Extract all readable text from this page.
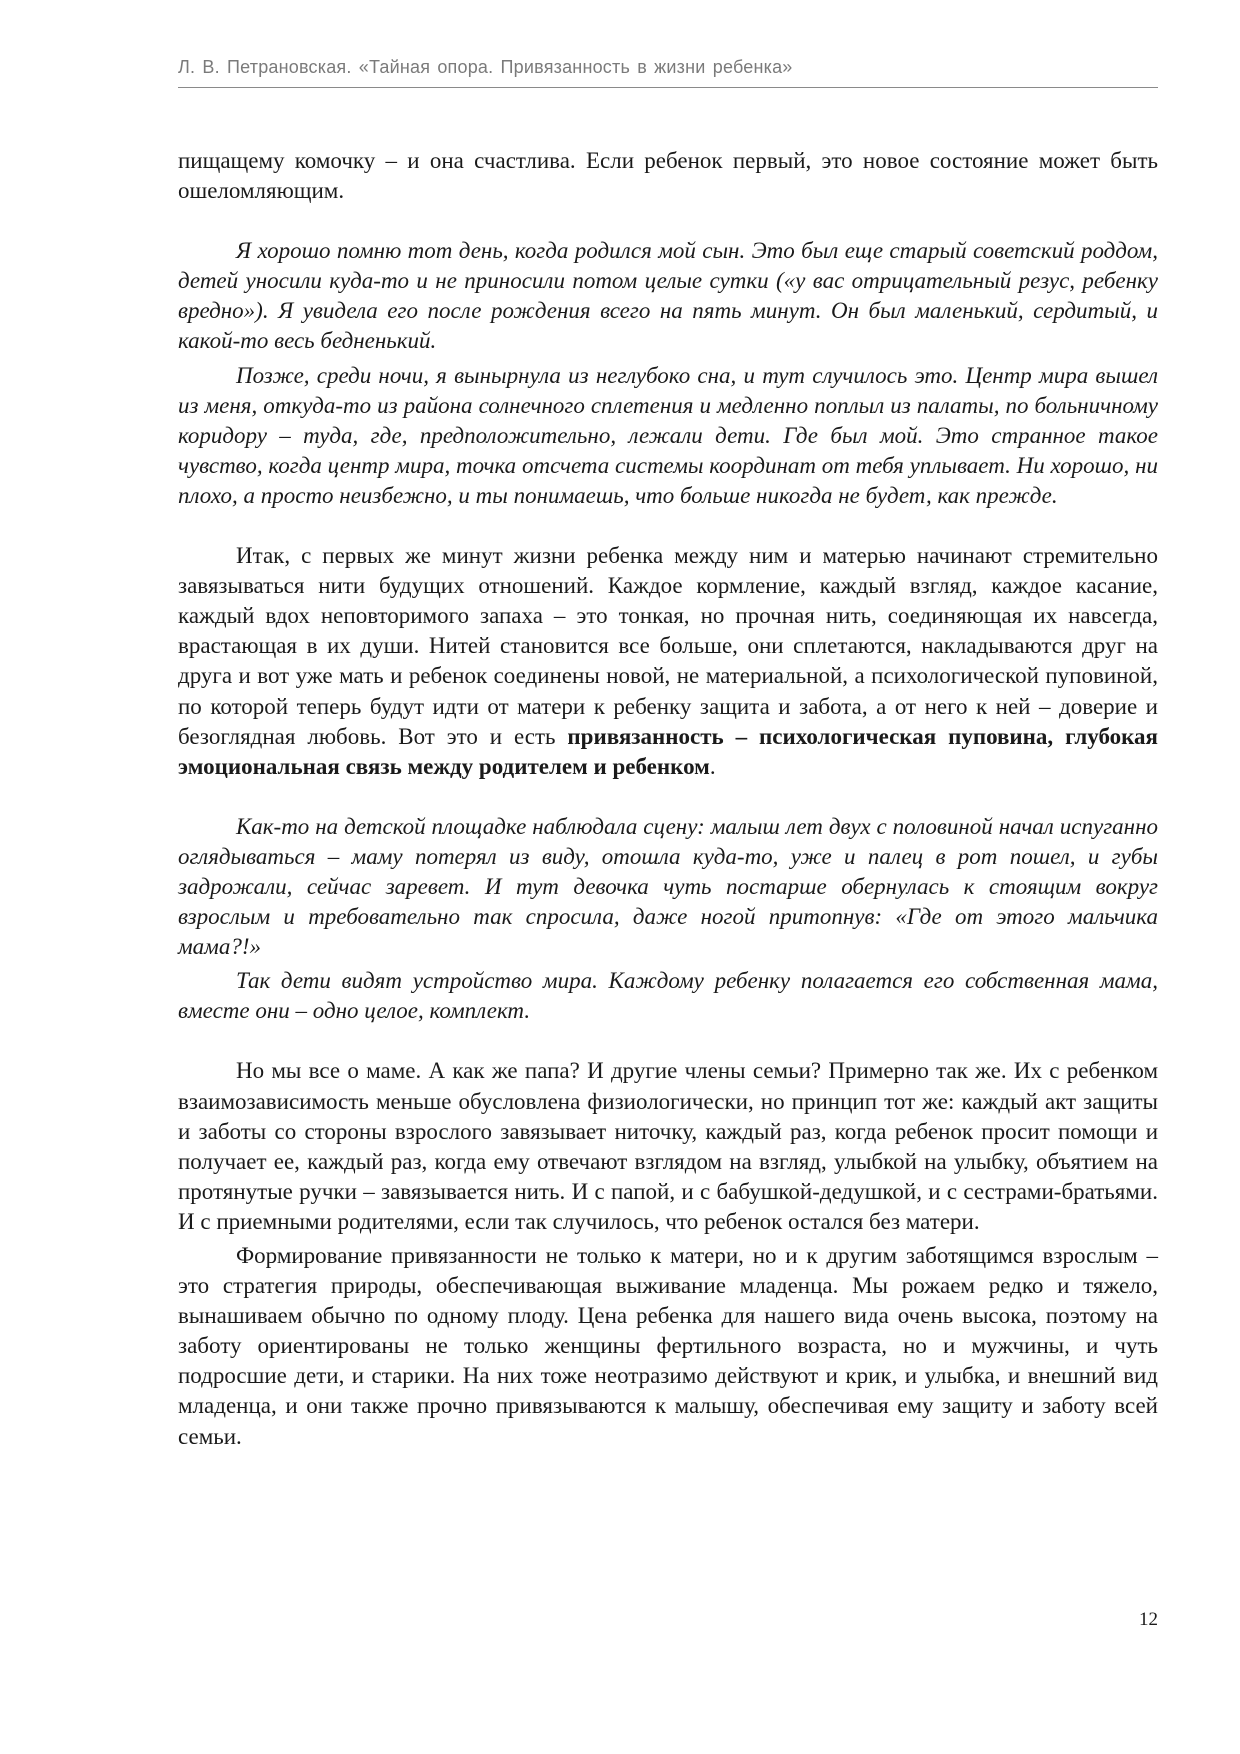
Л. В. Петрановская. «Тайная опора. Привязанность в жизни ребенка»

пищащему комочку – и она счастлива. Если ребенок первый, это новое состояние может быть ошеломляющим.

Я хорошо помню тот день, когда родился мой сын. Это был еще старый советский роддом, детей уносили куда-то и не приносили потом целые сутки («у вас отрицательный резус, ребенку вредно»). Я увидела его после рождения всего на пять минут. Он был маленький, сердитый, и какой-то весь бедненький.

Позже, среди ночи, я вынырнула из неглубоко сна, и тут случилось это. Центр мира вышел из меня, откуда-то из района солнечного сплетения и медленно поплыл из палаты, по больничному коридору – туда, где, предположительно, лежали дети. Где был мой. Это странное такое чувство, когда центр мира, точка отсчета системы координат от тебя уплывает. Ни хорошо, ни плохо, а просто неизбежно, и ты понимаешь, что больше никогда не будет, как прежде.

Итак, с первых же минут жизни ребенка между ним и матерью начинают стремительно завязываться нити будущих отношений. Каждое кормление, каждый взгляд, каждое касание, каждый вдох неповторимого запаха – это тонкая, но прочная нить, соединяющая их навсегда, врастающая в их души. Нитей становится все больше, они сплетаются, накладываются друг на друга и вот уже мать и ребенок соединены новой, не материальной, а психологической пуповиной, по которой теперь будут идти от матери к ребенку защита и забота, а от него к ней – доверие и безоглядная любовь. Вот это и есть привязанность – психологическая пуповина, глубокая эмоциональная связь между родителем и ребенком.

Как-то на детской площадке наблюдала сцену: малыш лет двух с половиной начал испуганно оглядываться – маму потерял из виду, отошла куда-то, уже и палец в рот пошел, и губы задрожали, сейчас заревет. И тут девочка чуть постарше обернулась к стоящим вокруг взрослым и требовательно так спросила, даже ногой притопнув: «Где от этого мальчика мама?!»

Так дети видят устройство мира. Каждому ребенку полагается его собственная мама, вместе они – одно целое, комплект.

Но мы все о маме. А как же папа? И другие члены семьи? Примерно так же. Их с ребенком взаимозависимость меньше обусловлена физиологически, но принцип тот же: каждый акт защиты и заботы со стороны взрослого завязывает ниточку, каждый раз, когда ребенок просит помощи и получает ее, каждый раз, когда ему отвечают взглядом на взгляд, улыбкой на улыбку, объятием на протянутые ручки – завязывается нить. И с папой, и с бабушкой-дедушкой, и с сестрами-братьями. И с приемными родителями, если так случилось, что ребенок остался без матери.

Формирование привязанности не только к матери, но и к другим заботящимся взрослым – это стратегия природы, обеспечивающая выживание младенца. Мы рожаем редко и тяжело, вынашиваем обычно по одному плоду. Цена ребенка для нашего вида очень высока, поэтому на заботу ориентированы не только женщины фертильного возраста, но и мужчины, и чуть подросшие дети, и старики. На них тоже неотразимо действуют и крик, и улыбка, и внешний вид младенца, и они также прочно привязываются к малышу, обеспечивая ему защиту и заботу всей семьи.

12
